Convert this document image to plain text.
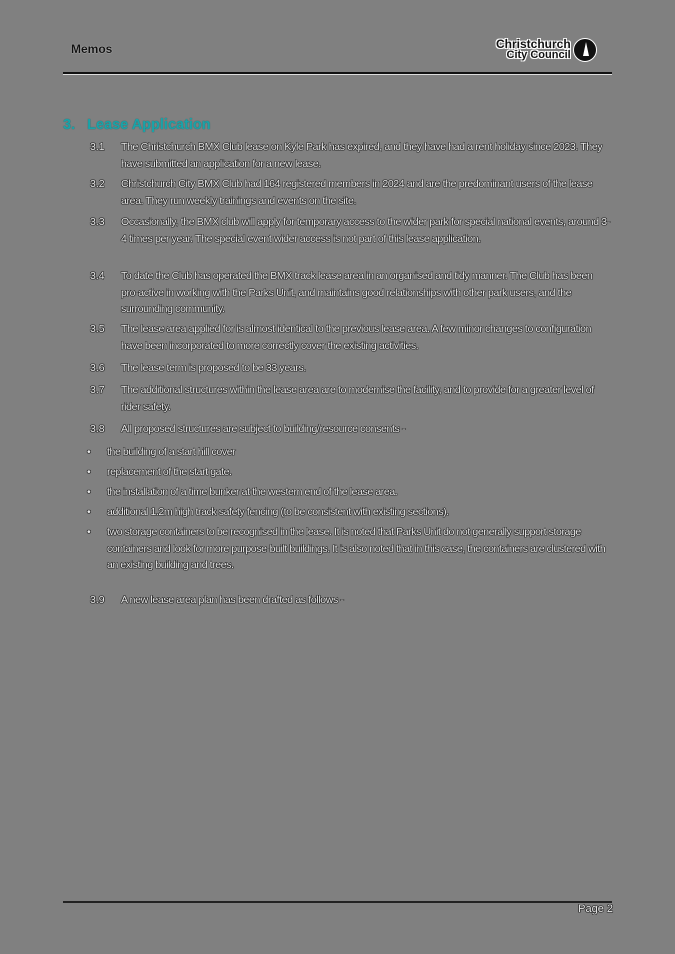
Memos	Christchurch
City Council
3. Lease Application
3.1	The Christchurch BMX Club lease on Kyle Park has expired, and they have had a rent holiday since 2023. They have submitted an application for a new lease.
3.2	Christchurch City BMX Club had 164 registered members in 2024 and are the predominant users of the lease area. They run weekly trainings and events on the site.
3.3	Occasionally, the BMX club will apply for temporary access to the wider park for special national events, around 3-4 times per year. The special event wider access is not part of this lease application.
3.4	To date the Club has operated the BMX track lease area in an organised and tidy manner. The Club has been pro-active in working with the Parks Unit, and maintains good relationships with other park users, and the surrounding community.
3.5	The lease area applied for is almost identical to the previous lease area. A few minor changes to configuration have been incorporated to more correctly cover the existing activities.
3.6	The lease term is proposed to be 33 years.
3.7	The additional structures within the lease area are to modernise the facility, and to provide for a greater level of rider safety.
3.8	All proposed structures are subject to building/resource consents -
•	the building of a start hill cover
•	replacement of the start gate.
•	the installation of a time bunker at the western end of the lease area.
•	additional 1.2m high track safety fencing (to be consistent with existing sections).
•	two storage containers to be recognised in the lease. It is noted that Parks Unit do not generally support storage containers and look for more purpose-built buildings. It is also noted that in this case, the containers are clustered with an existing building and trees.
3.9	A new lease area plan has been drafted as follows -
Page 2
